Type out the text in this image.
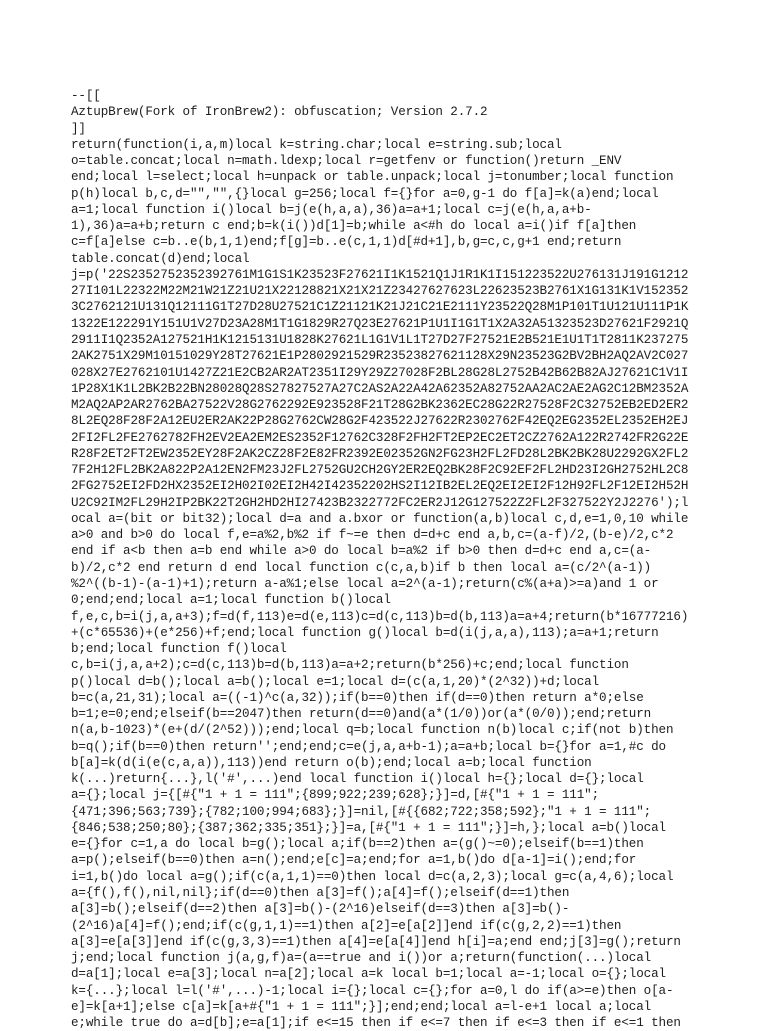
--[[
AztupBrew(Fork of IronBrew2): obfuscation; Version 2.7.2
]]
return(function(i,a,m)local k=string.char;local e=string.sub;local
o=table.concat;local n=math.ldexp;local r=getfenv or function()return _ENV
end;local l=select;local h=unpack or table.unpack;local j=tonumber;local function
p(h)local b,c,d="","",{}local g=256;local f={}for a=0,g-1 do f[a]=k(a)end;local
a=1;local function i()local b=j(e(h,a,a),36)a=a+1;local c=j(e(h,a,a+b-
1),36)a=a+b;return c end;b=k(i())d[1]=b;while a<#h do local a=i()if f[a]then
c=f[a]else c=b..e(b,1,1)end;f[g]=b..e(c,1,1)d[#d+1],b,g=c,c,g+1 end;return
table.concat(d)end;local
j=p('22S2352752352392761M1G1S1K23523F27621I1K1521Q1J1R1K1I151223522U276131J191G1212
27I101L22322M22M21W21Z21U21X22128821X21X21Z23427627623L22623523B2761X1G131K1V152352
3C2762121U131Q12111G1T27D28U27521C1Z21121K21J21C21E2111Y23522Q28M1P101T1U121U111P1K
1322E122291Y151U1V27D23A28M1T1G1829R27Q23E27621P1U1I1G1T1X2A32A51323523D27621F2921Q
2911I1Q2352A127521H1K1215131U1828K27621L1G1V1L1T27D27F27521E2B521E1U1T1T2811K237275
2AK2751X29M10151029Y28T27621E1P2802921529R23523827621128X29N23523G2BV2BH2AQ2AV2C027
028X27E2762101U1427Z21E2CB2AR2AT2351I29Y29Z27028F2BL28G28L2752B42B62B82AJ27621C1V1I
1P28X1K1L2BK2B22BN28028Q28S27827527A27C2AS2A22A42A62352A82752AA2AC2AE2AG2C12BM2352A
M2AQ2AP2AR2762BA27522V28G2762292E923528F21T28G2BK2362EC28G22R27528F2C32752EB2ED2ER2
8L2EQ28F28F2A12EU2ER2AK22P28G2762CW28G2F423522J27622R2302762F42EQ2EG2352EL2352EH2EJ
2FI2FL2FE2762782FH2EV2EA2EM2ES2352F12762C328F2FH2FT2EP2EC2ET2CZ2762A122R2742FR2G22E
R28F2ET2FT2EW2352EY28F2AK2CZ28F2E82FR2392E02352GN2FG23H2FL2FD28L2BK2BK28U2292GX2FL2
7F2H12FL2BK2A822P2A12EN2FM23J2FL2752GU2CH2GY2ER2EQ2BK28F2C92EF2FL2HD23I2GH2752HL2C8
2FG2752EI2FD2HX2352EI2H02I02EI2H42I42352202HS2I12IB2EL2EQ2EI2EI2F12H92FL2F12EI2H52H
U2C92IM2FL29H2IP2BK22T2GH2HD2HI27423B2322772FC2ER2J12G127522Z2FL2F327522Y2J2276');l
ocal a=(bit or bit32);local d=a and a.bxor or function(a,b)local c,d,e=1,0,10 while
a>0 and b>0 do local f,e=a%2,b%2 if f~=e then d=d+c end a,b,c=(a-f)/2,(b-e)/2,c*2
end if a<b then a=b end while a>0 do local b=a%2 if b>0 then d=d+c end a,c=(a-
b)/2,c*2 end return d end local function c(c,a,b)if b then local a=(c/2^(a-1))
%2^((b-1)-(a-1)+1);return a-a%1;else local a=2^(a-1);return(c%(a+a)>=a)and 1 or
0;end;end;local a=1;local function b()local
f,e,c,b=i(j,a,a+3);f=d(f,113)e=d(e,113)c=d(c,113)b=d(b,113)a=a+4;return(b*16777216)
+(c*65536)+(e*256)+f;end;local function g()local b=d(i(j,a,a),113);a=a+1;return
b;end;local function f()local
c,b=i(j,a,a+2);c=d(c,113)b=d(b,113)a=a+2;return(b*256)+c;end;local function
p()local d=b();local a=b();local e=1;local d=(c(a,1,20)*(2^32))+d;local
b=c(a,21,31);local a=((-1)^c(a,32));if(b==0)then if(d==0)then return a*0;else
b=1;e=0;end;elseif(b==2047)then return(d==0)and(a*(1/0))or(a*(0/0));end;return
n(a,b-1023)*(e+(d/(2^52)));end;local q=b;local function n(b)local c;if(not b)then
b=q();if(b==0)then return'';end;end;c=e(j,a,a+b-1);a=a+b;local b={}for a=1,#c do
b[a]=k(d(i(e(c,a,a)),113))end return o(b);end;local a=b;local function
k(...)return{...},l('#',...)end local function i()local h={};local d={};local
a={};local j={[#{"1 + 1 = 111";{899;922;239;628};}]=d,[#{"1 + 1 = 111";
{471;396;563;739};{782;100;994;683};}]=nil,[#{{682;722;358;592};"1 + 1 = 111";
{846;538;250;80};{387;362;335;351};}]=a,[#{"1 + 1 = 111";}]=h,};local a=b()local
e={}for c=1,a do local b=g();local a;if(b==2)then a=(g()~=0);elseif(b==1)then
a=p();elseif(b==0)then a=n();end;e[c]=a;end;for a=1,b()do d[a-1]=i();end;for
i=1,b()do local a=g();if(c(a,1,1)==0)then local d=c(a,2,3);local g=c(a,4,6);local
a={f(),f(),nil,nil};if(d==0)then a[3]=f();a[4]=f();elseif(d==1)then
a[3]=b();elseif(d==2)then a[3]=b()-(2^16)elseif(d==3)then a[3]=b()-
(2^16)a[4]=f();end;if(c(g,1,1)==1)then a[2]=e[a[2]]end if(c(g,2,2)==1)then
a[3]=e[a[3]]end if(c(g,3,3)==1)then a[4]=e[a[4]]end h[i]=a;end end;j[3]=g();return
j;end;local function j(a,g,f)a=(a==true and i())or a;return(function(...)local
d=a[1];local e=a[3];local n=a[2];local a=k local b=1;local a=-1;local o={};local
k={...};local l=l('#',...)-1;local i={};local c={};for a=0,l do if(a>=e)then o[a-
e]=k[a+1];else c[a]=k[a+#{"1 + 1 = 111";}];end;end;local a=l-e+1 local a;local
e;while true do a=d[b];e=a[1];if e<=15 then if e<=7 then if e<=3 then if e<=1 then
